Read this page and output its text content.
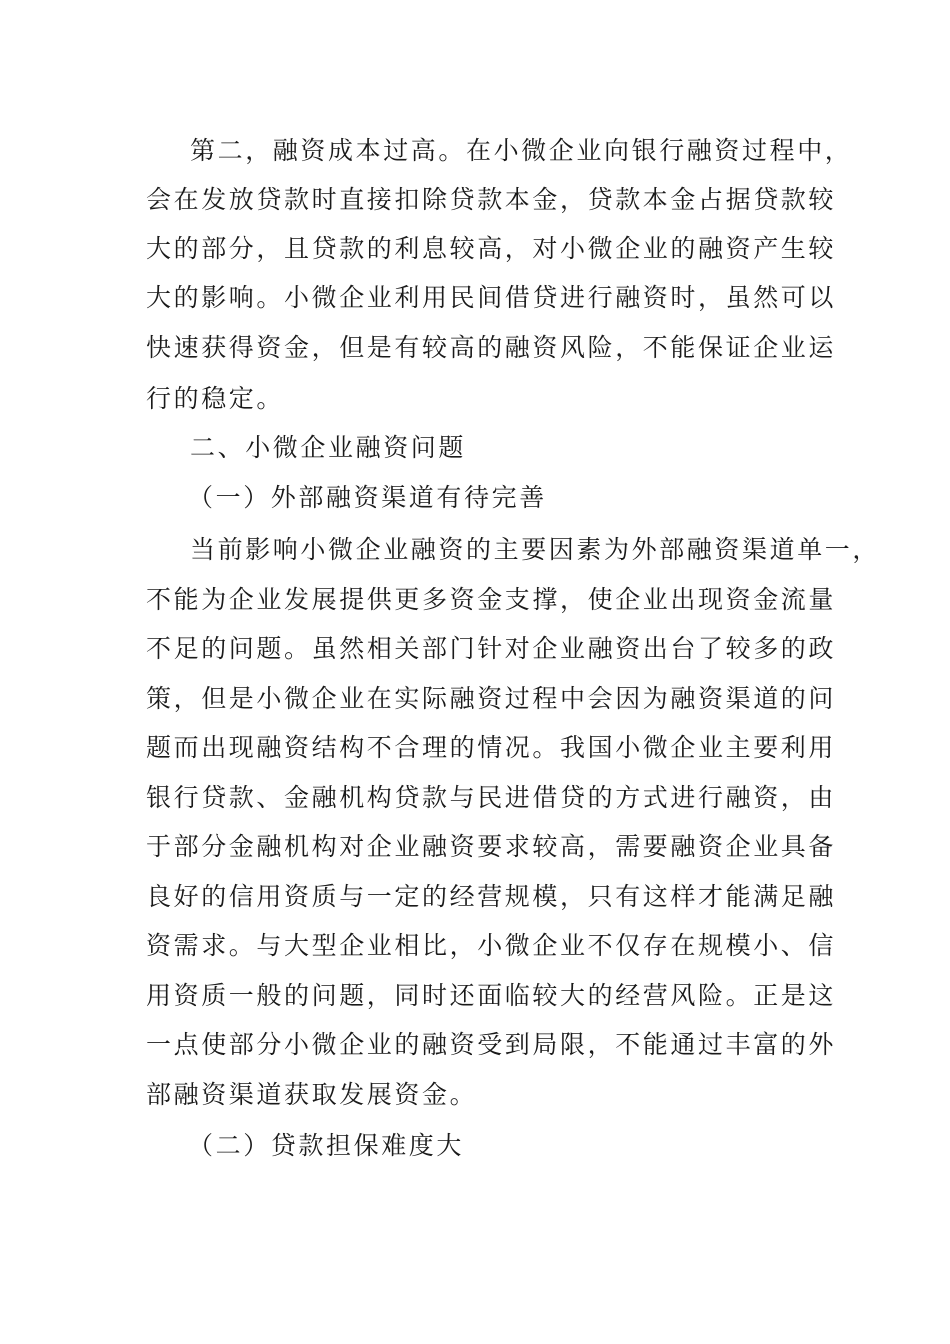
第二，融资成本过高。在小微企业向银行融资过程中，
会在发放贷款时直接扣除贷款本金，贷款本金占据贷款较
大的部分，且贷款的利息较高，对小微企业的融资产生较
大的影响。小微企业利用民间借贷进行融资时，虽然可以
快速获得资金，但是有较高的融资风险，不能保证企业运
行的稳定。
二、小微企业融资问题
（一）外部融资渠道有待完善
当前影响小微企业融资的主要因素为外部融资渠道单一，
不能为企业发展提供更多资金支撑，使企业出现资金流量
不足的问题。虽然相关部门针对企业融资出台了较多的政
策，但是小微企业在实际融资过程中会因为融资渠道的问
题而出现融资结构不合理的情况。我国小微企业主要利用
银行贷款、金融机构贷款与民进借贷的方式进行融资，由
于部分金融机构对企业融资要求较高，需要融资企业具备
良好的信用资质与一定的经营规模，只有这样才能满足融
资需求。与大型企业相比，小微企业不仅存在规模小、信
用资质一般的问题，同时还面临较大的经营风险。正是这
一点使部分小微企业的融资受到局限，不能通过丰富的外
部融资渠道获取发展资金。
（二）贷款担保难度大
